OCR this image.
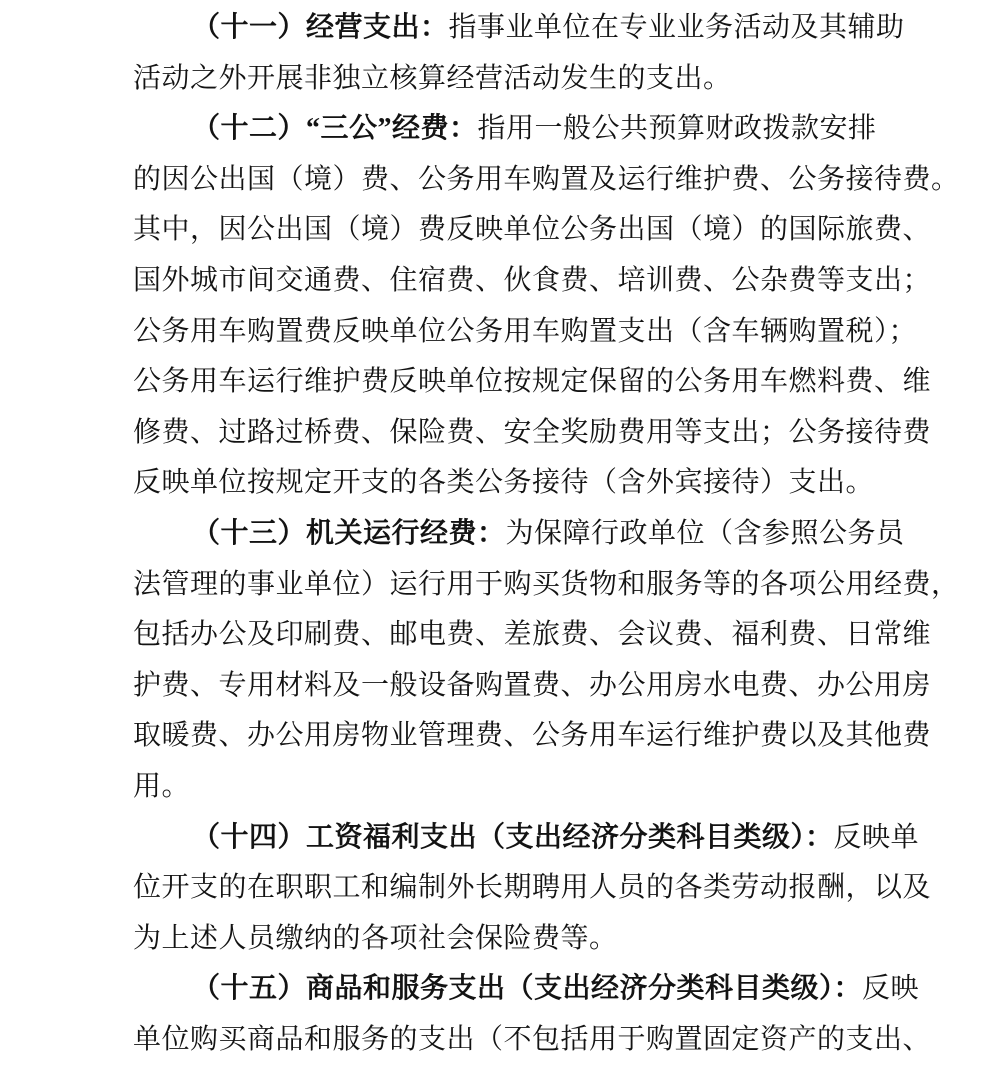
（十一）经营支出：指事业单位在专业业务活动及其辅助
活动之外开展非独立核算经营活动发生的支出。
（十二）“三公”经费：指用一般公共预算财政拨款安排
的因公出国（境）费、公务用车购置及运行维护费、公务接待费。
其中，因公出国（境）费反映单位公务出国（境）的国际旅费、
国外城市间交通费、住宿费、伙食费、培训费、公杂费等支出；
公务用车购置费反映单位公务用车购置支出（含车辆购置税）；
公务用车运行维护费反映单位按规定保留的公务用车燃料费、维
修费、过路过桥费、保险费、安全奖励费用等支出；公务接待费
反映单位按规定开支的各类公务接待（含外宾接待）支出。
（十三）机关运行经费：为保障行政单位（含参照公务员
法管理的事业单位）运行用于购买货物和服务等的各项公用经费，
包括办公及印刷费、邮电费、差旅费、会议费、福利费、日常维
护费、专用材料及一般设备购置费、办公用房水电费、办公用房
取暖费、办公用房物业管理费、公务用车运行维护费以及其他费
用。
（十四）工资福利支出（支出经济分类科目类级）：反映单
位开支的在职职工和编制外长期聘用人员的各类劳动报酬，以及
为上述人员缴纳的各项社会保险费等。
（十五）商品和服务支出（支出经济分类科目类级）：反映
单位购买商品和服务的支出（不包括用于购置固定资产的支出、
